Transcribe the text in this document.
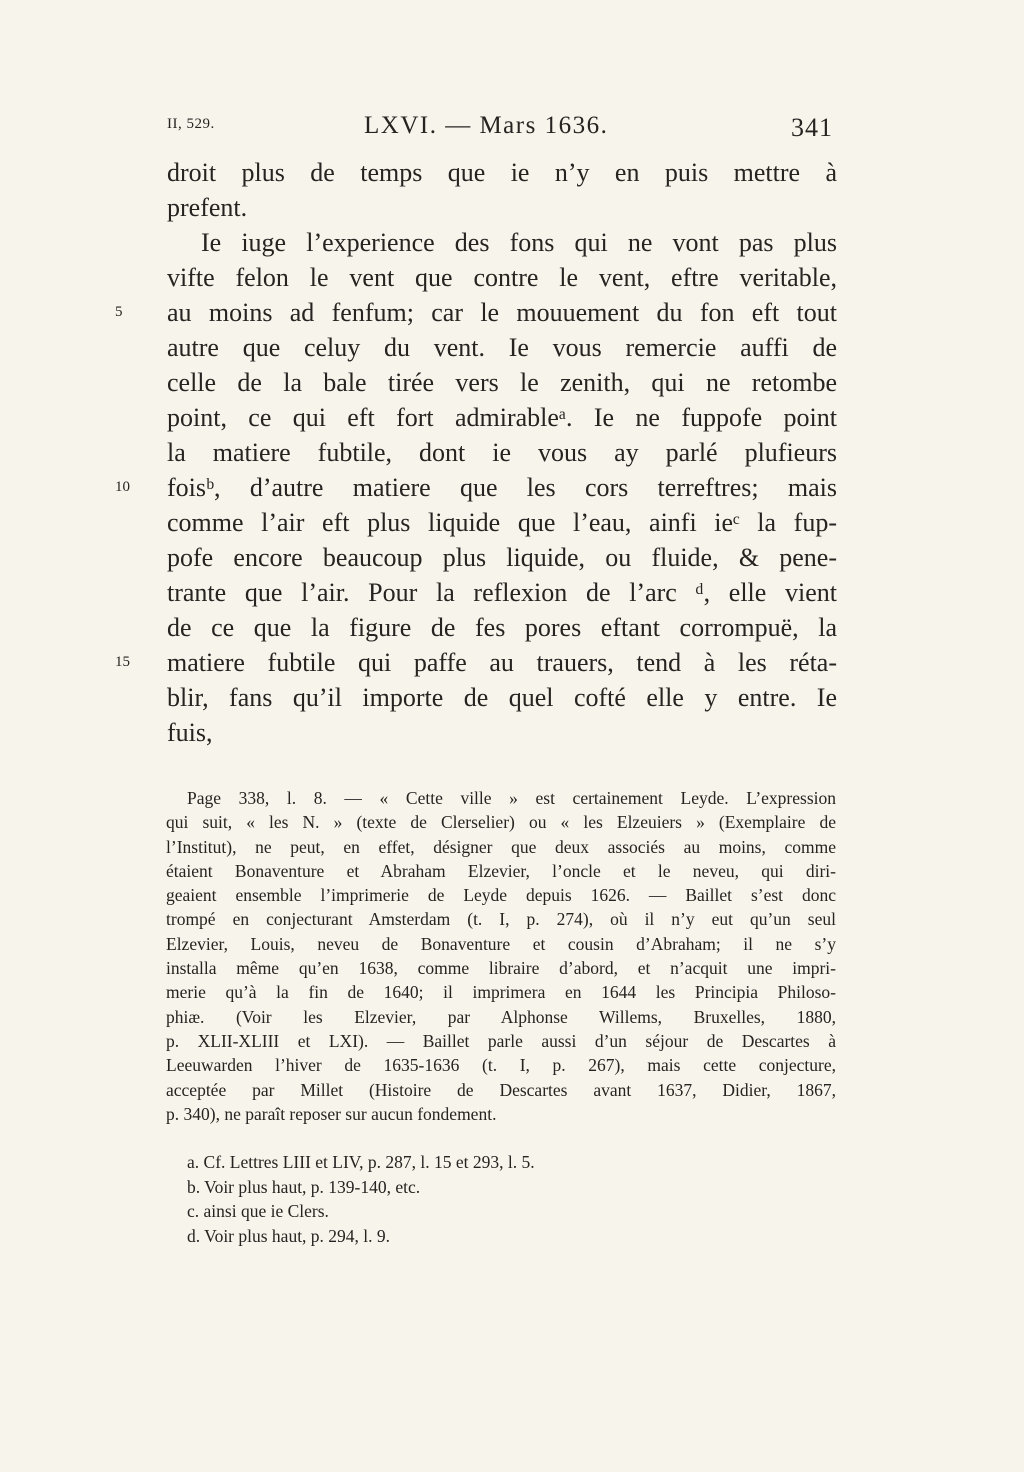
II, 529.	LXVI. — Mars 1636.	341
droit plus de temps que ie n’y en puis mettre à
prefent.
Ie iuge l’experience des fons qui ne vont pas plus
vifte felon le vent que contre le vent, eftre veritable,
5	au moins ad fenfum; car le mouuement du fon eft tout
autre que celuy du vent. Ie vous remercie auffi de
celle de la bale tirée vers le zenith, qui ne retombe
point, ce qui eft fort admirableᵃ. Ie ne fuppofe point
la matiere fubtile, dont ie vous ay parlé plufieurs
10 foisᵇ, d’autre matiere que les cors terreftres; mais
comme l’air eft plus liquide que l’eau, ainfi ieᶜ la fup-
pofe encore beaucoup plus liquide, ou fluide, & pene-
trante que l’air. Pour la reflexion de l’arc ᵈ, elle vient
de ce que la figure de fes pores eftant corrompuë, la
15 matiere fubtile qui paffe au trauers, tend à les réta-
blir, fans qu’il importe de quel cofté elle y entre. Ie
fuis,
Page 338, l. 8. — « Cette ville » est certainement Leyde. L’expression
qui suit, « les N. » (texte de Clerselier) ou « les Elzeuiers » (Exemplaire de
l’Institut), ne peut, en effet, désigner que deux associés au moins, comme
étaient Bonaventure et Abraham Elzevier, l’oncle et le neveu, qui diri-
geaient ensemble l’imprimerie de Leyde depuis 1626. — Baillet s’est donc
trompé en conjecturant Amsterdam (t. I, p. 274), où il n’y eut qu’un seul
Elzevier, Louis, neveu de Bonaventure et cousin d’Abraham; il ne s’y
installa même qu’en 1638, comme libraire d’abord, et n’acquit une impri-
merie qu’à la fin de 1640; il imprimera en 1644 les Principia Philoso-
phiæ. (Voir les Elzevier, par Alphonse Willems, Bruxelles, 1880,
p. XLII-XLIII et LXI). — Baillet parle aussi d’un séjour de Descartes à
Leeuwarden l’hiver de 1635-1636 (t. I, p. 267), mais cette conjecture,
acceptée par Millet (Histoire de Descartes avant 1637, Didier, 1867,
p. 340), ne paraît reposer sur aucun fondement.
a. Cf. Lettres LIII et LIV, p. 287, l. 15 et 293, l. 5.
b. Voir plus haut, p. 139-140, etc.
c. ainsi que ie Clers.
d. Voir plus haut, p. 294, l. 9.
